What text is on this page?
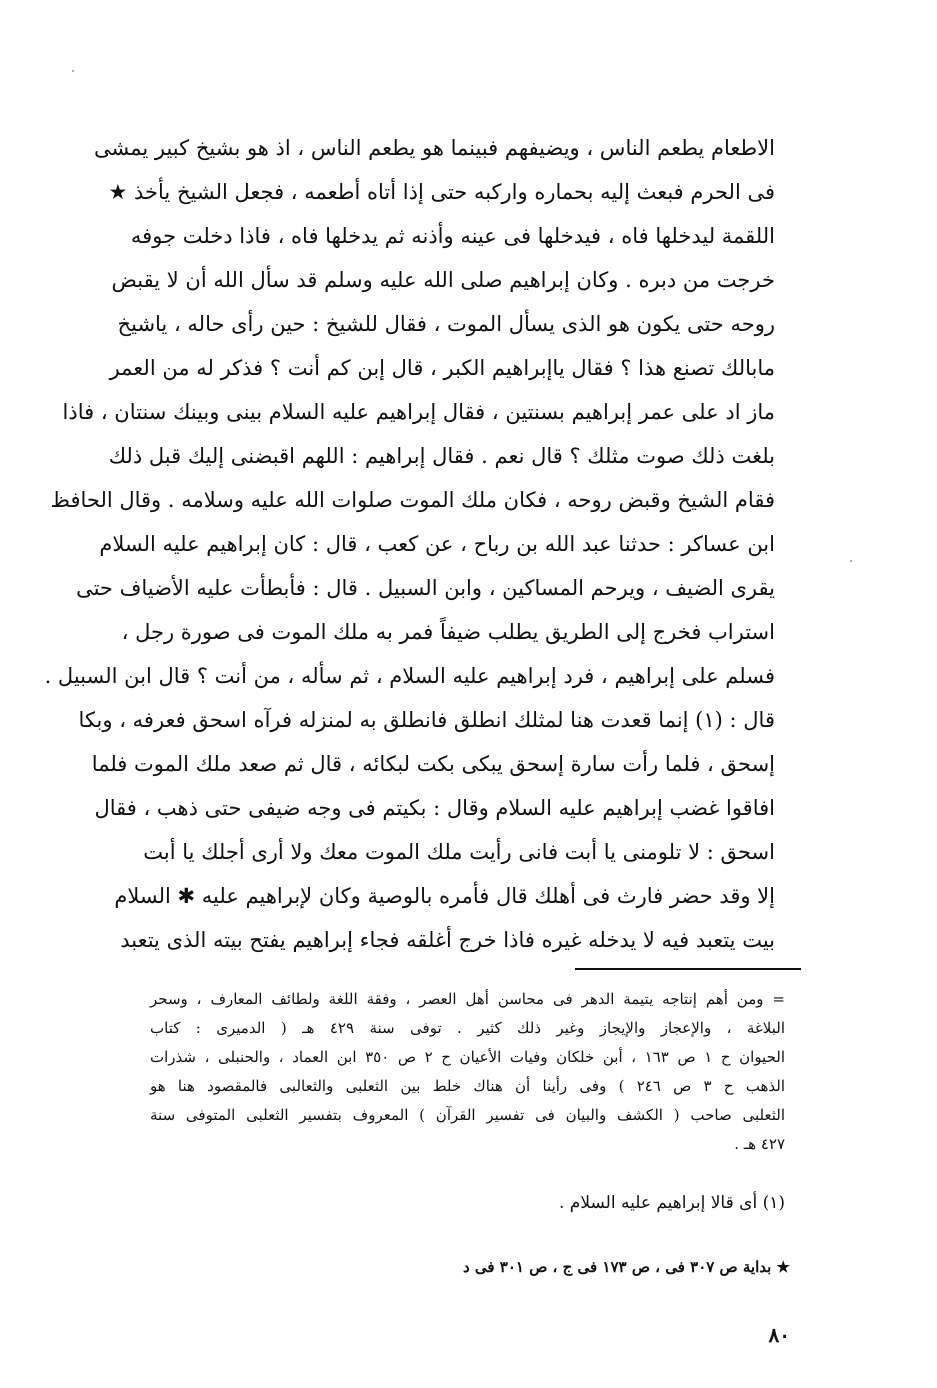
الاطعام يطعم الناس ، ويضيفهم فبينما هو يطعم الناس ، اذ هو بشيخ كبير يمشى
فى الحرم فبعث إليه بحماره واركبه حتى إذا أتاه أطعمه ، فجعل الشيخ يأخذ ★
اللقمة ليدخلها فاه ، فيدخلها فى عينه وأذنه ثم يدخلها فاه ، فاذا دخلت جوفه
خرجت من دبره . وكان إبراهيم صلى الله عليه وسلم قد سأل الله أن لا يقبض
روحه حتى يكون هو الذى يسأل الموت ، فقال للشيخ : حين رأى حاله ، ياشيخ
مابالك تصنع هذا ؟ فقال ياإبراهيم الكبر ، قال إبن كم أنت ؟ فذكر له من العمر
ماز اد على عمر إبراهيم بسنتين ، فقال إبراهيم عليه السلام بينى وبينك سنتان ، فاذا
بلغت ذلك صوت مثلك ؟ قال نعم . فقال إبراهيم : اللهم اقبضنى إليك قبل ذلك
فقام الشيخ وقبض روحه ، فكان ملك الموت صلوات الله عليه وسلامه . وقال الحافظ
ابن عساكر : حدثنا عبد الله بن رباح ، عن كعب ، قال : كان إبراهيم عليه السلام
يقرى الضيف ، ويرحم المساكين ، وابن السبيل . قال : فأبطأت عليه الأضياف حتى
استراب فخرج إلى الطريق يطلب ضيفاً فمر به ملك الموت فى صورة رجل ،
فسلم على إبراهيم ، فرد إبراهيم عليه السلام ، ثم سأله ، من أنت ؟ قال ابن السبيل .
قال : (١) إنما قعدت هنا لمثلك انطلق فانطلق به لمنزله فرآه اسحق فعرفه ، وبكا
إسحق ، فلما رأت سارة إسحق يبكى بكت لبكائه ، قال ثم صعد ملك الموت فلما
افاقوا غضب إبراهيم عليه السلام وقال : بكيتم فى وجه ضيفى حتى ذهب ، فقال
اسحق : لا تلومنى يا أبت فانى رأيت ملك الموت معك ولا أرى أجلك يا أبت
إلا وقد حضر فارث فى أهلك قال فأمره بالوصية وكان لإبراهيم عليه ✱ السلام
بيت يتعبد فيه لا يدخله غيره فاذا خرج أغلقه فجاء إبراهيم يفتح بيته الذى يتعبد
= ومن أهم إنتاجه يتيمة الدهر فى محاسن أهل العصر ، وفقة اللغة ولطائف المعارف ، وسحر
البلاغة ، والإعجاز والإيجاز وغير ذلك كثير . توفى سنة ٤٢٩ هـ ( الدميرى : كتاب
الحيوان ح ١ ص ١٦٣ ، أبن خلكان وفيات الأعيان ح ٢ ص ٣٥٠ ابن العماد ، والحنبلى ، شذرات
الذهب ح ٣ ص ٢٤٦ ) وفى رأينا أن هناك خلط بين الثعلبى والثعالبى فالمقصود هنا هو
الثعلبى صاحب ( الكشف والبيان فى تفسير القرآن ) المعروف بتفسير الثعلبى المتوفى سنة
٤٢٧ هـ .
(١) أى قالا إبراهيم عليه السلام .
★ بداية ص ٣٠٧ فى ، ص ١٧٣ فى ج ، ص ٣٠١ فى د
٨٠
